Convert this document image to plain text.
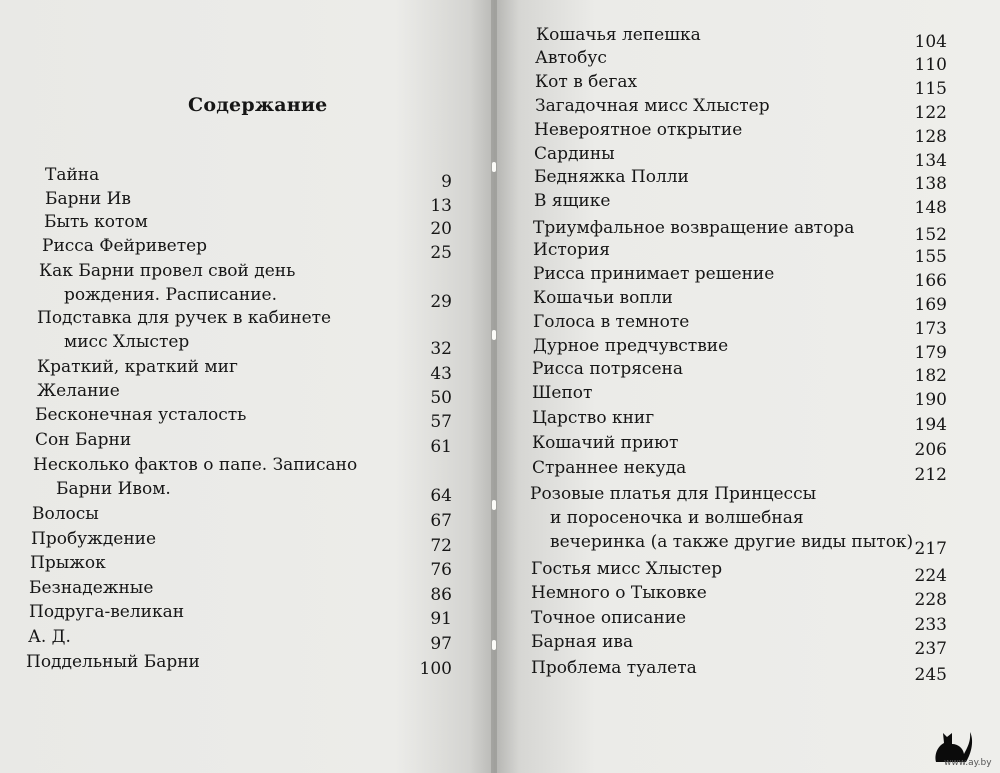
Содержание
Тайна	9
Барни Ив	13
Быть котом	20
Рисса Фейриветер	25
Как Барни провел свой день
рождения. Расписание.	29
Подставка для ручек в кабинете
мисс Хлыстер	32
Краткий, краткий миг	43
Желание	50
Бесконечная усталость	57
Сон Барни	61
Несколько фактов о папе. Записано
Барни Ивом.	64
Волосы	67
Пробуждение	72
Прыжок	76
Безнадежные	86
Подруга-великан	91
А. Д.	97
Поддельный Барни	100
Кошачья лепешка	104
Автобус	110
Кот в бегах	115
Загадочная мисс Хлыстер	122
Невероятное открытие	128
Сардины	134
Бедняжка Полли	138
В ящике	148
Триумфальное возвращение автора	152
История	155
Рисса принимает решение	166
Кошачьи вопли	169
Голоса в темноте	173
Дурное предчувствие	179
Рисса потрясена	182
Шепот	190
Царство книг	194
Кошачий приют	206
Страннее некуда	212
Розовые платья для Принцессы
и поросеночка и волшебная
вечеринка (а также другие виды пыток) 217
Гостья мисс Хлыстер	224
Немного о Тыковке	228
Точное описание	233
Барная ива	237
Проблема туалета	245
www.ay.by
